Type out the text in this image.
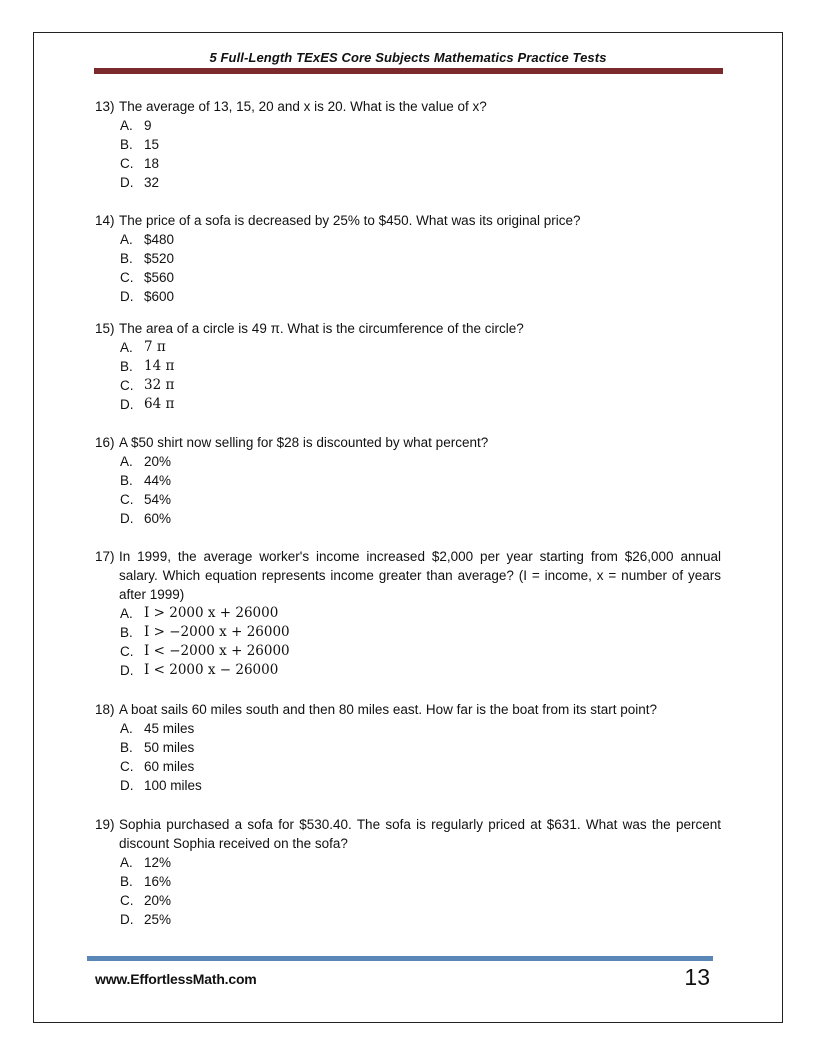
5 Full-Length TExES Core Subjects Mathematics Practice Tests
13) The average of 13, 15, 20 and x is 20. What is the value of x?
A. 9
B. 15
C. 18
D. 32
14) The price of a sofa is decreased by 25% to $450. What was its original price?
A. $480
B. $520
C. $560
D. $600
15) The area of a circle is 49 π. What is the circumference of the circle?
A. 7 π
B. 14 π
C. 32 π
D. 64 π
16) A $50 shirt now selling for $28 is discounted by what percent?
A. 20%
B. 44%
C. 54%
D. 60%
17) In 1999, the average worker's income increased $2,000 per year starting from $26,000 annual salary. Which equation represents income greater than average? (I = income, x = number of years after 1999)
A. I > 2000 x + 26000
B. I > −2000 x + 26000
C. I < −2000 x + 26000
D. I < 2000 x − 26000
18) A boat sails 60 miles south and then 80 miles east. How far is the boat from its start point?
A. 45 miles
B. 50 miles
C. 60 miles
D. 100 miles
19) Sophia purchased a sofa for $530.40. The sofa is regularly priced at $631. What was the percent discount Sophia received on the sofa?
A. 12%
B. 16%
C. 20%
D. 25%
www.EffortlessMath.com	13
